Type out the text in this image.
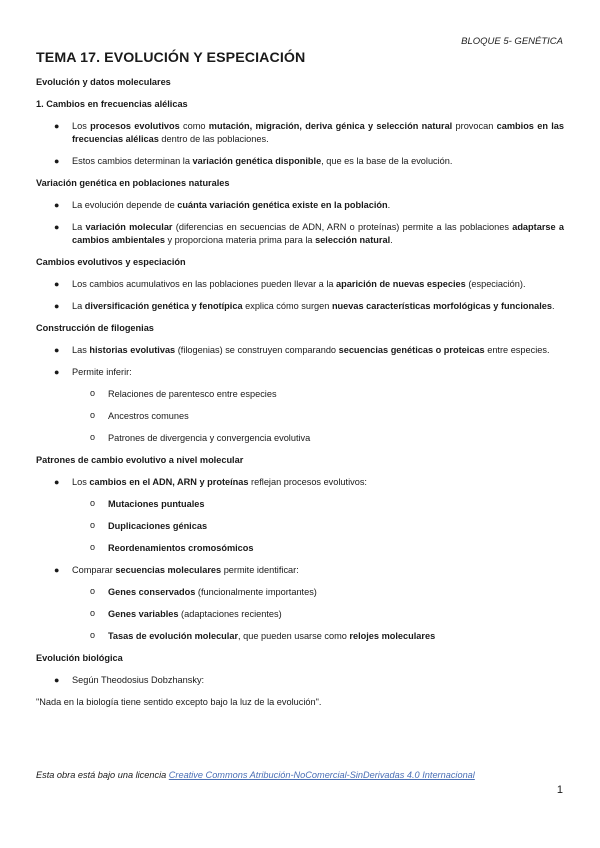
BLOQUE 5- GENÉTICA
TEMA 17. EVOLUCIÓN Y ESPECIACIÓN

Evolución y datos moleculares

1. Cambios en frecuencias alélicas

● Los procesos evolutivos como mutación, migración, deriva génica y selección natural provocan cambios en las frecuencias alélicas dentro de las poblaciones.
● Estos cambios determinan la variación genética disponible, que es la base de la evolución.

Variación genética en poblaciones naturales

● La evolución depende de cuánta variación genética existe en la población.
● La variación molecular (diferencias en secuencias de ADN, ARN o proteínas) permite a las poblaciones adaptarse a cambios ambientales y proporciona materia prima para la selección natural.

Cambios evolutivos y especiación

● Los cambios acumulativos en las poblaciones pueden llevar a la aparición de nuevas especies (especiación).
● La diversificación genética y fenotípica explica cómo surgen nuevas características morfológicas y funcionales.

Construcción de filogenias

● Las historias evolutivas (filogenias) se construyen comparando secuencias genéticas o proteicas entre especies.
● Permite inferir:
o Relaciones de parentesco entre especies
o Ancestros comunes
o Patrones de divergencia y convergencia evolutiva

Patrones de cambio evolutivo a nivel molecular

● Los cambios en el ADN, ARN y proteínas reflejan procesos evolutivos:
o Mutaciones puntuales
o Duplicaciones génicas
o Reordenamientos cromosómicos
● Comparar secuencias moleculares permite identificar:
o Genes conservados (funcionalmente importantes)
o Genes variables (adaptaciones recientes)
o Tasas de evolución molecular, que pueden usarse como relojes moleculares

Evolución biológica

● Según Theodosius Dobzhansky:

"Nada en la biología tiene sentido excepto bajo la luz de la evolución".

Esta obra está bajo una licencia Creative Commons Atribución-NoComercial-SinDerivadas 4.0 Internacional
1
